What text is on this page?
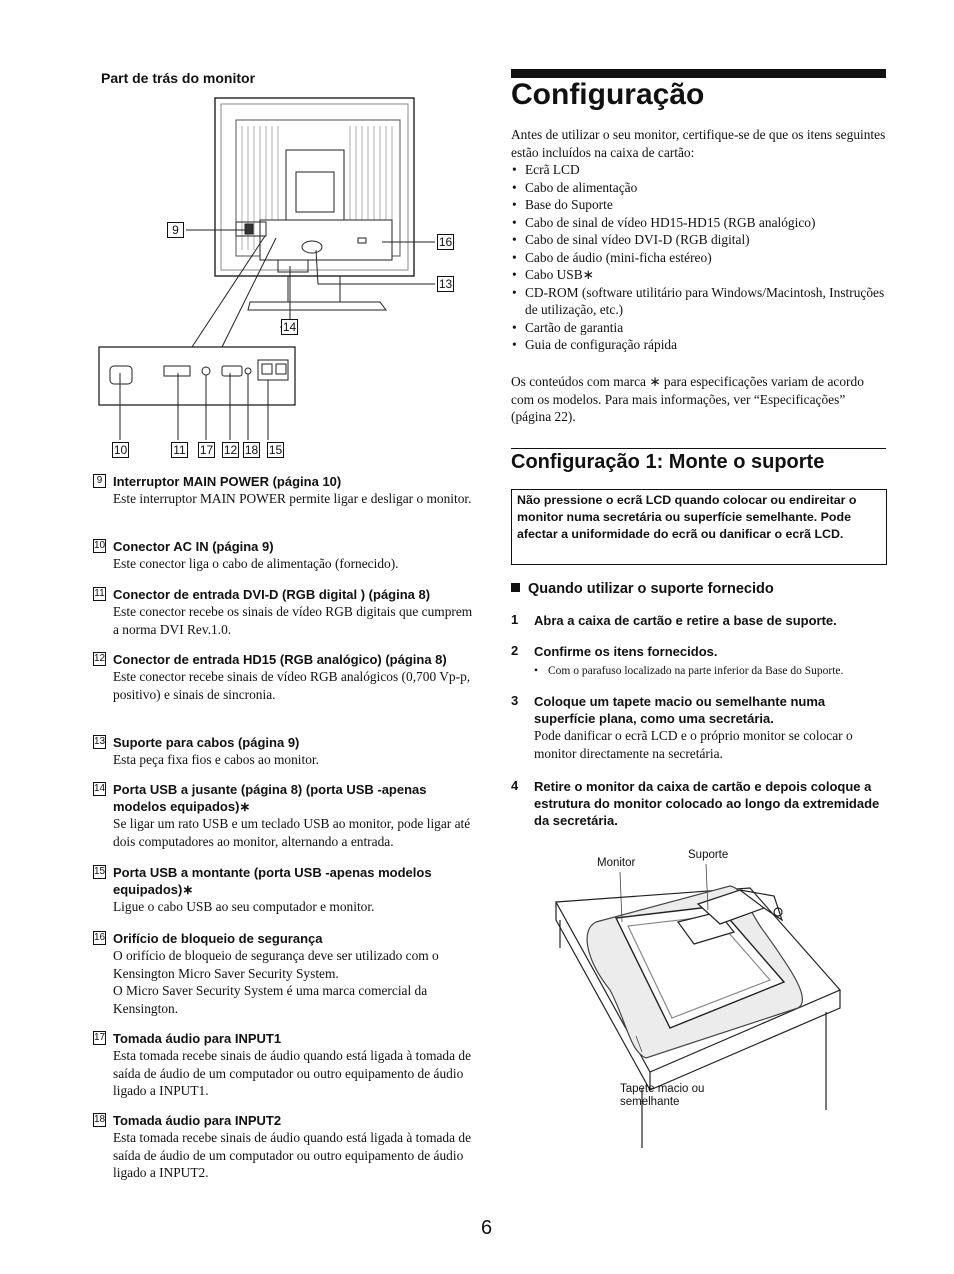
Part de trás do monitor
9
16
13
14
10	11 17 12 18 15
9 Interruptor MAIN POWER (página 10)
Este interruptor MAIN POWER permite ligar e desligar o monitor.
10 Conector AC IN (página 9)
Este conector liga o cabo de alimentação (fornecido).
11 Conector de entrada DVI-D (RGB digital ) (página 8)
Este conector recebe os sinais de vídeo RGB digitais que cumprem a norma DVI Rev.1.0.
12 Conector de entrada HD15 (RGB analógico) (página 8)
Este conector recebe sinais de vídeo RGB analógicos (0,700 Vp-p, positivo) e sinais de sincronia.
13 Suporte para cabos (página 9)
Esta peça fixa fios e cabos ao monitor.
14 Porta USB a jusante (página 8) (porta USB -apenas modelos equipados)∗
Se ligar um rato USB e um teclado USB ao monitor, pode ligar até dois computadores ao monitor, alternando a entrada.
15 Porta USB a montante (porta USB -apenas modelos equipados)∗
Ligue o cabo USB ao seu computador e monitor.
16 Orifício de bloqueio de segurança
O orifício de bloqueio de segurança deve ser utilizado com o Kensington Micro Saver Security System.
O Micro Saver Security System é uma marca comercial da Kensington.
17 Tomada áudio para INPUT1
Esta tomada recebe sinais de áudio quando está ligada à tomada de saída de áudio de um computador ou outro equipamento de áudio ligado a INPUT1.
18 Tomada áudio para INPUT2
Esta tomada recebe sinais de áudio quando está ligada à tomada de saída de áudio de um computador ou outro equipamento de áudio ligado a INPUT2.
Configuração
Antes de utilizar o seu monitor, certifique-se de que os itens seguintes estão incluídos na caixa de cartão:
• Ecrã LCD
• Cabo de alimentação
• Base do Suporte
• Cabo de sinal de vídeo HD15-HD15 (RGB analógico)
• Cabo de sinal vídeo DVI-D (RGB digital)
• Cabo de áudio (mini-ficha estéreo)
• Cabo USB∗
• CD-ROM (software utilitário para Windows/Macintosh, Instruções de utilização, etc.)
• Cartão de garantia
• Guia de configuração rápida
Os conteúdos com marca ∗ para especificações variam de acordo com os modelos. Para mais informações, ver “Especificações” (página 22).
Configuração 1: Monte o suporte
Não pressione o ecrã LCD quando colocar ou endireitar o monitor numa secretária ou superfície semelhante. Pode afectar a uniformidade do ecrã ou danificar o ecrã LCD.
Quando utilizar o suporte fornecido
1 Abra a caixa de cartão e retire a base de suporte.
2 Confirme os itens fornecidos.
• Com o parafuso localizado na parte inferior da Base do Suporte.
3 Coloque um tapete macio ou semelhante numa superfície plana, como uma secretária.
Pode danificar o ecrã LCD e o próprio monitor se colocar o monitor directamente na secretária.
4 Retire o monitor da caixa de cartão e depois coloque a estrutura do monitor colocado ao longo da extremidade da secretária.
Monitor
Suporte
Tapete macio ou semelhante
6
